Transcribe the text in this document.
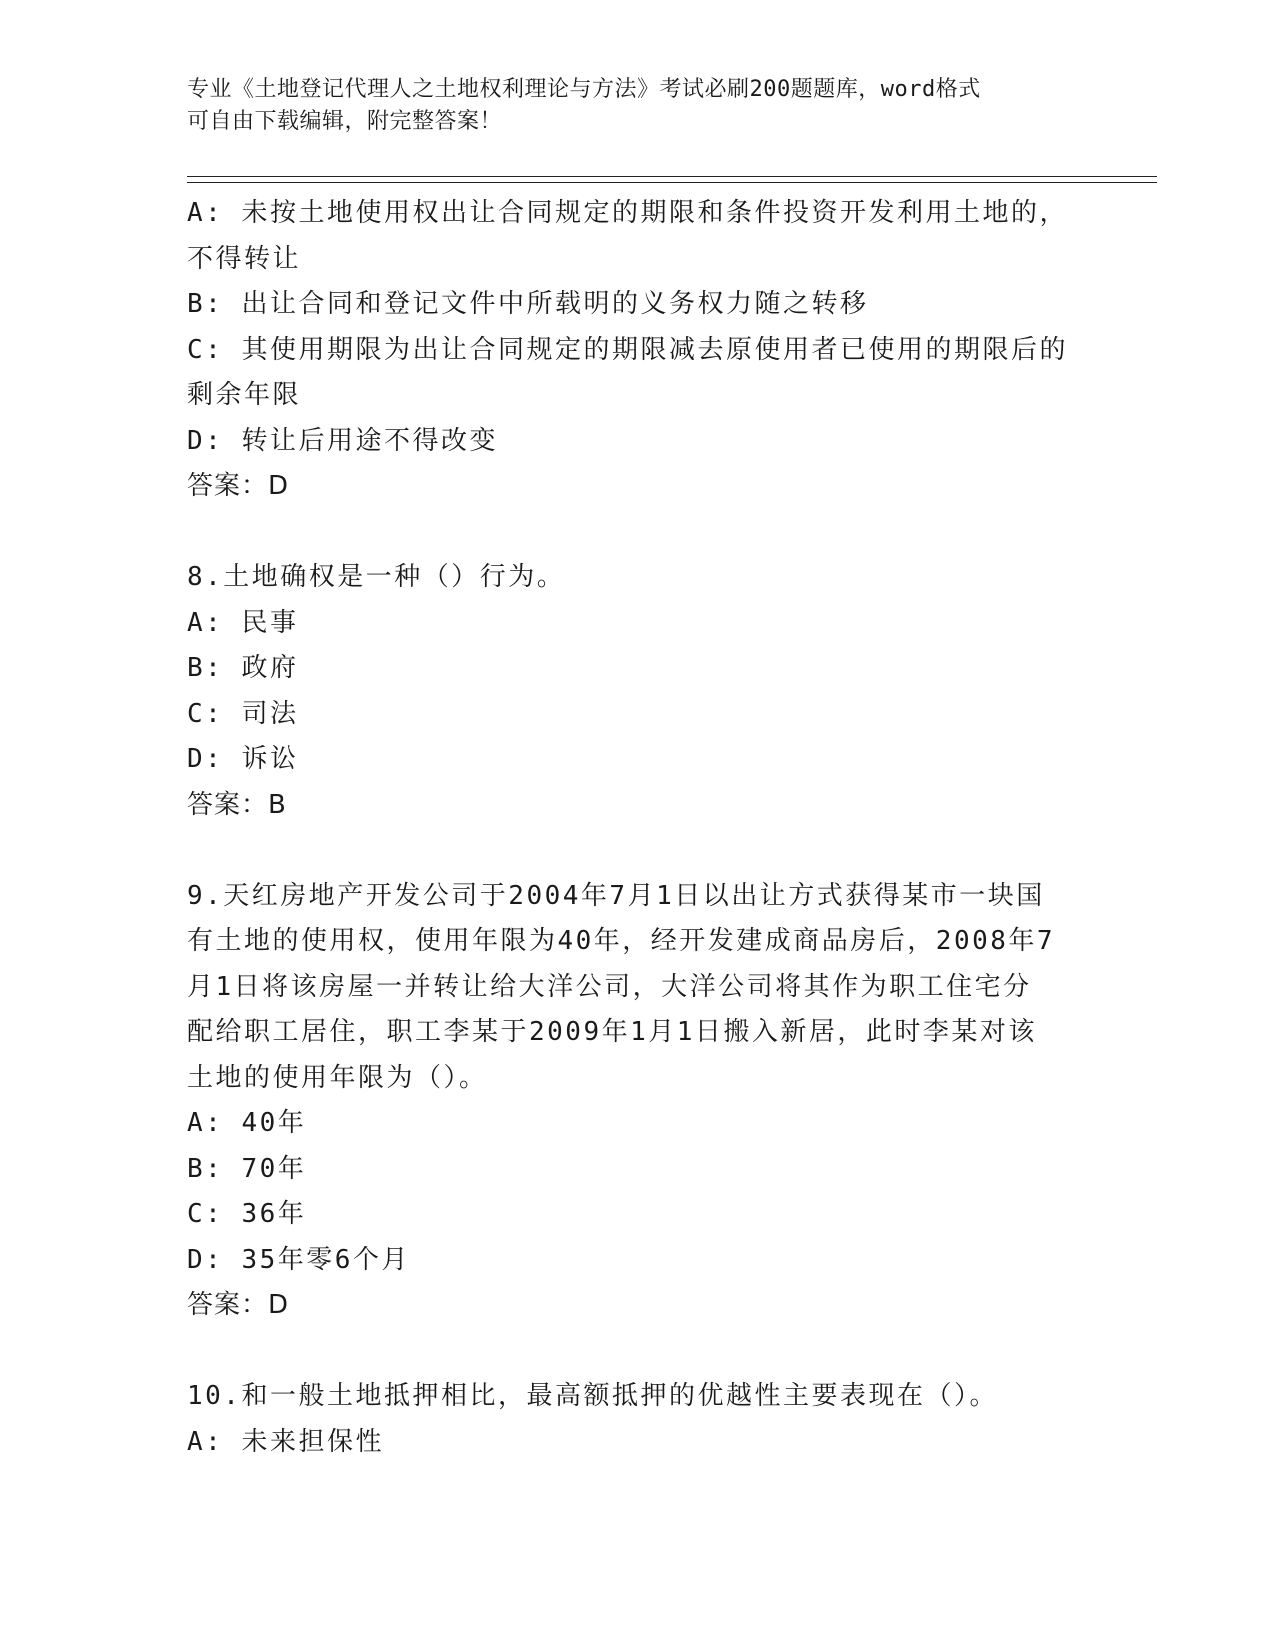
专业《土地登记代理人之土地权利理论与方法》考试必刷200题题库，word格式
可自由下载编辑，附完整答案！
A: 未按土地使用权出让合同规定的期限和条件投资开发利用土地的，
不得转让
B: 出让合同和登记文件中所载明的义务权力随之转移
C: 其使用期限为出让合同规定的期限减去原使用者已使用的期限后的
剩余年限
D: 转让后用途不得改变
答案：D
8.土地确权是一种（）行为。
A: 民事
B: 政府
C: 司法
D: 诉讼
答案：B
9.天红房地产开发公司于2004年7月1日以出让方式获得某市一块国
有土地的使用权，使用年限为40年，经开发建成商品房后，2008年7
月1日将该房屋一并转让给大洋公司，大洋公司将其作为职工住宅分
配给职工居住，职工李某于2009年1月1日搬入新居，此时李某对该
土地的使用年限为（）。
A: 40年
B: 70年
C: 36年
D: 35年零6个月
答案：D
10.和一般土地抵押相比，最高额抵押的优越性主要表现在（）。
A: 未来担保性
